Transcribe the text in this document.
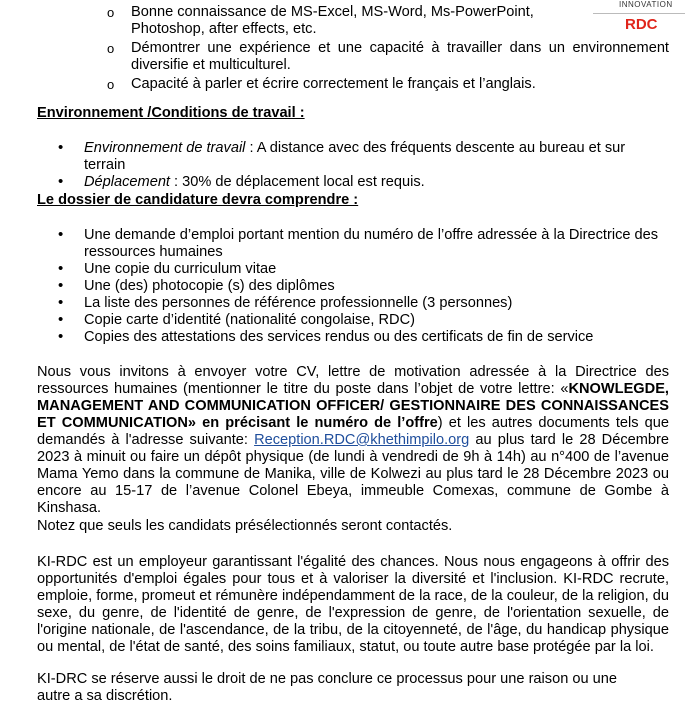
INNOVATION
RDC
o Bonne connaissance de MS-Excel, MS-Word, Ms-PowerPoint, Photoshop, after effects, etc.
o Démontrer une expérience et une capacité à travailler dans un environnement diversifie et multiculturel.
o Capacité à parler et écrire correctement le français et l’anglais.
Environnement /Conditions de travail :
• Environnement de travail : A distance avec des fréquents descente au bureau et sur terrain
• Déplacement : 30% de déplacement local est requis.
Le dossier de candidature devra comprendre :
• Une demande d’emploi portant mention du numéro de l’offre adressée à la Directrice des ressources humaines
• Une copie du curriculum vitae
• Une (des) photocopie (s) des diplômes
• La liste des personnes de référence professionnelle (3 personnes)
• Copie carte d’identité (nationalité congolaise, RDC)
• Copies des attestations des services rendus ou des certificats de fin de service
Nous vous invitons à envoyer votre CV, lettre de motivation adressée à la Directrice des ressources humaines (mentionner le titre du poste dans l’objet de votre lettre: «KNOWLEGDE, MANAGEMENT AND COMMUNICATION OFFICER/ GESTIONNAIRE DES CONNAISSANCES ET COMMUNICATION» en précisant le numéro de l’offre) et les autres documents tels que demandés à l'adresse suivante: Reception.RDC@khethimpilo.org au plus tard le 28 Décembre 2023 à minuit ou faire un dépôt physique (de lundi à vendredi de 9h à 14h) au n°400 de l’avenue Mama Yemo dans la commune de Manika, ville de Kolwezi au plus tard le 28 Décembre 2023 ou encore au 15-17 de l’avenue Colonel Ebeya, immeuble Comexas, commune de Gombe à Kinshasa.
Notez que seuls les candidats présélectionnés seront contactés.
KI-RDC est un employeur garantissant l'égalité des chances. Nous nous engageons à offrir des opportunités d'emploi égales pour tous et à valoriser la diversité et l'inclusion. KI-RDC recrute, emploie, forme, promeut et rémunère indépendamment de la race, de la couleur, de la religion, du sexe, du genre, de l'identité de genre, de l'expression de genre, de l'orientation sexuelle, de l'origine nationale, de l'ascendance, de la tribu, de la citoyenneté, de l'âge, du handicap physique ou mental, de l'état de santé, des soins familiaux, statut, ou toute autre base protégée par la loi.
KI-DRC se réserve aussi le droit de ne pas conclure ce processus pour une raison ou une autre a sa discrétion.
